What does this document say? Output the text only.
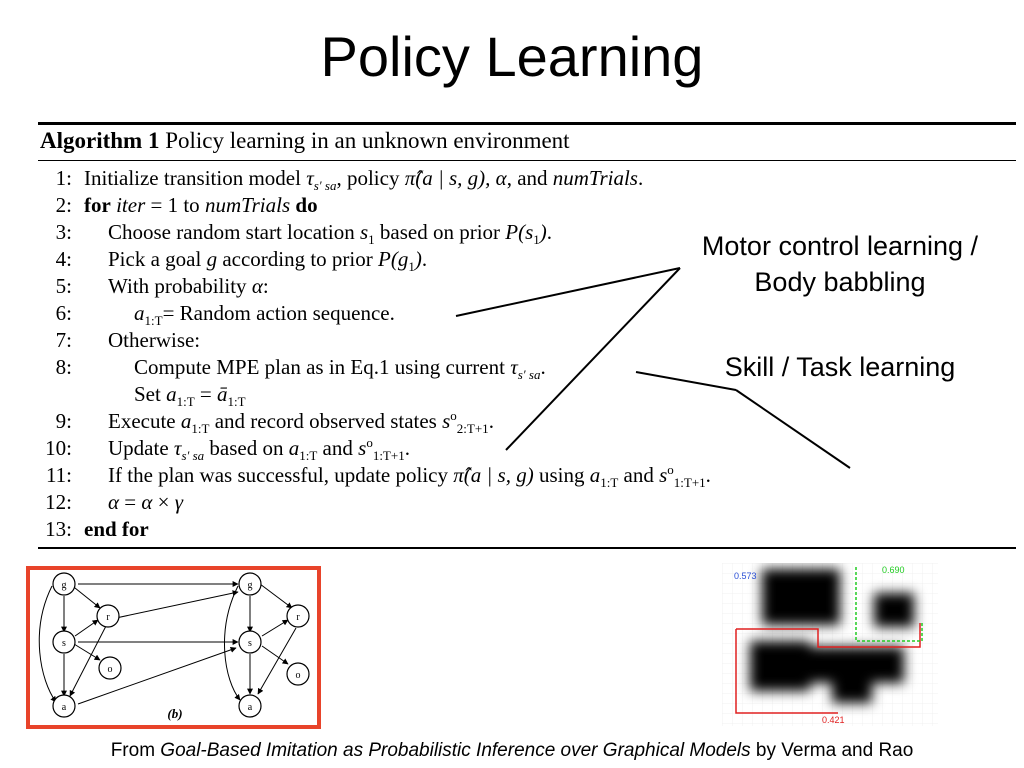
Policy Learning
Algorithm 1 Policy learning in an unknown environment
1: Initialize transition model $\tau_{s' sa}$, policy π̂(a | s, g), α, and numTrials.
2: for iter = 1 to numTrials do
3: Choose random start location $s_1$ based on prior $P(s_1)$.
4: Pick a goal g according to prior $P(g_1)$.
5: With probability α:
6:	$a_{1:T}=$ Random action sequence.
7: Otherwise:
8:	Compute MPE plan as in Eq.1 using current $\tau_{s' sa}$.
Set $a_{1:T}$ = $ā_{1:T}$
9: Execute $a_{1:T}$ and record observed states $s^o_{2:T+1}$.
10: Update $\tau_{s' sa}$ based on $a_{1:T}$ and $s^o_{1:T+1}$.
11: If the plan was successful, update policy π̂(a | s, g) using $a_{1:T}$ and $s^o_{1:T+1}$.
12: α = α × γ
13: end for
Motor control learning /
Body babbling
Skill / Task learning
g
r
s
o
a
g
r
s
o
a
(b)
0.573
0.690
0.421
From Goal-Based Imitation as Probabilistic Inference over Graphical Models by Verma and Rao
